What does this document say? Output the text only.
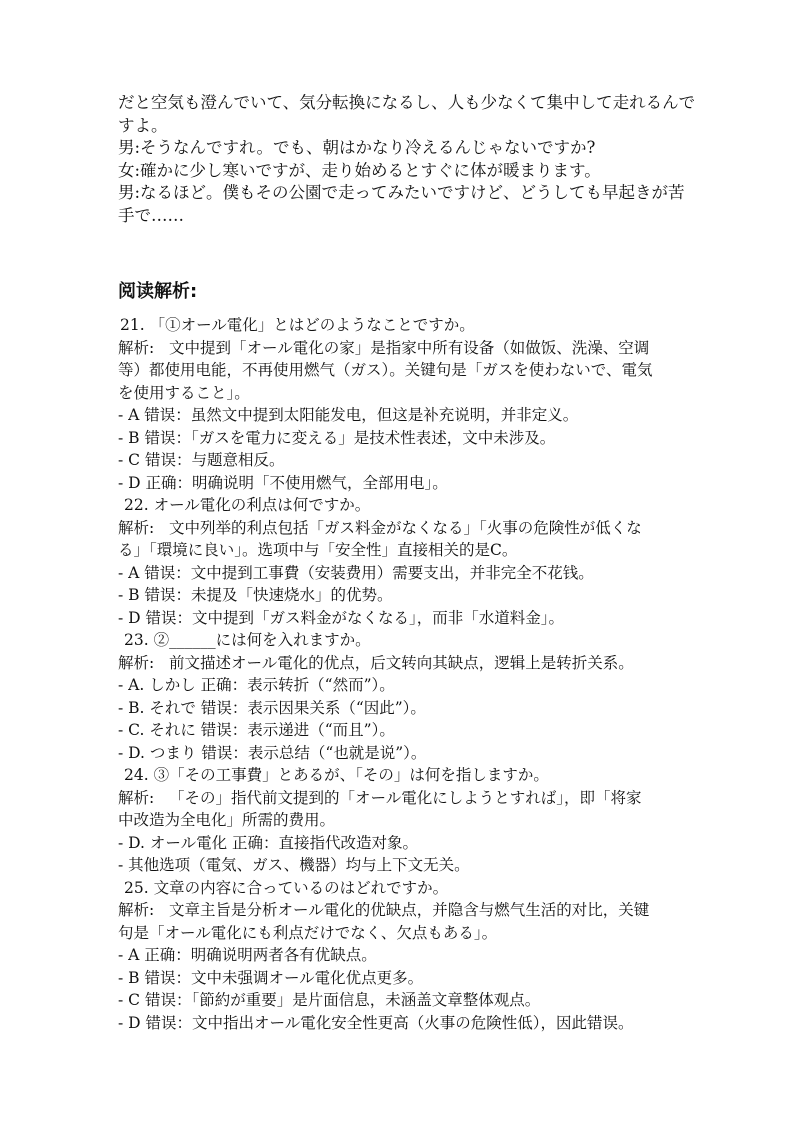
だと空気も澄んでいて、気分転換になるし、人も少なくて集中して走れるんで
すよ。
男:そうなんですれ。でも、朝はかなり冷えるんじゃないですか?
女:確かに少し寒いですが、走り始めるとすぐに体が暖まります。
男:なるほど。僕もその公園で走ってみたいですけど、どうしても早起きが苦
手で……
阅读解析:
21. 「①オール電化」とはどのようなことですか。
解析:   文中提到「オール電化の家」是指家中所有设备（如做饭、洗澡、空调
等）都使用电能，不再使用燃气（ガス）。关键句是「ガスを使わないで、電気
を使用すること」。
- A 错误：虽然文中提到太阳能发电，但这是补充说明，并非定义。
- B 错误：「ガスを電力に変える」是技术性表述，文中未涉及。
- C 错误：与题意相反。
- D 正确：明确说明「不使用燃气，全部用电」。
22. オール電化の利点は何ですか。
解析:   文中列举的利点包括「ガス料金がなくなる」「火事の危険性が低くな
る」「環境に良い」。选项中与「安全性」直接相关的是C。
- A 错误：文中提到工事費（安装费用）需要支出，并非完全不花钱。
- B 错误：未提及「快速烧水」的优势。
- D 错误：文中提到「ガス料金がなくなる」，而非「水道料金」。
23. ②______には何を入れますか。
解析:   前文描述オール電化的优点，后文转向其缺点，逻辑上是转折关系。
- A. しかし 正确：表示转折（“然而”）。
- B. それで 错误：表示因果关系（“因此”）。
- C. それに 错误：表示递进（“而且”）。
- D. つまり 错误：表示总结（“也就是说”）。
24. ③「その工事費」とあるが、「その」は何を指しますか。
解析:   「その」指代前文提到的「オール電化にしようとすれば」，即「将家
中改造为全电化」所需的费用。
- D. オール電化 正确：直接指代改造对象。
- 其他选项（電気、ガス、機器）均与上下文无关。
25. 文章の内容に合っているのはどれですか。
解析:   文章主旨是分析オール電化的优缺点，并隐含与燃气生活的对比，关键
句是「オール電化にも利点だけでなく、欠点もある」。
- A 正确：明确说明两者各有优缺点。
- B 错误：文中未强调オール電化优点更多。
- C 错误：「節約が重要」是片面信息，未涵盖文章整体观点。
- D 错误：文中指出オール電化安全性更高（火事の危険性低），因此错误。
